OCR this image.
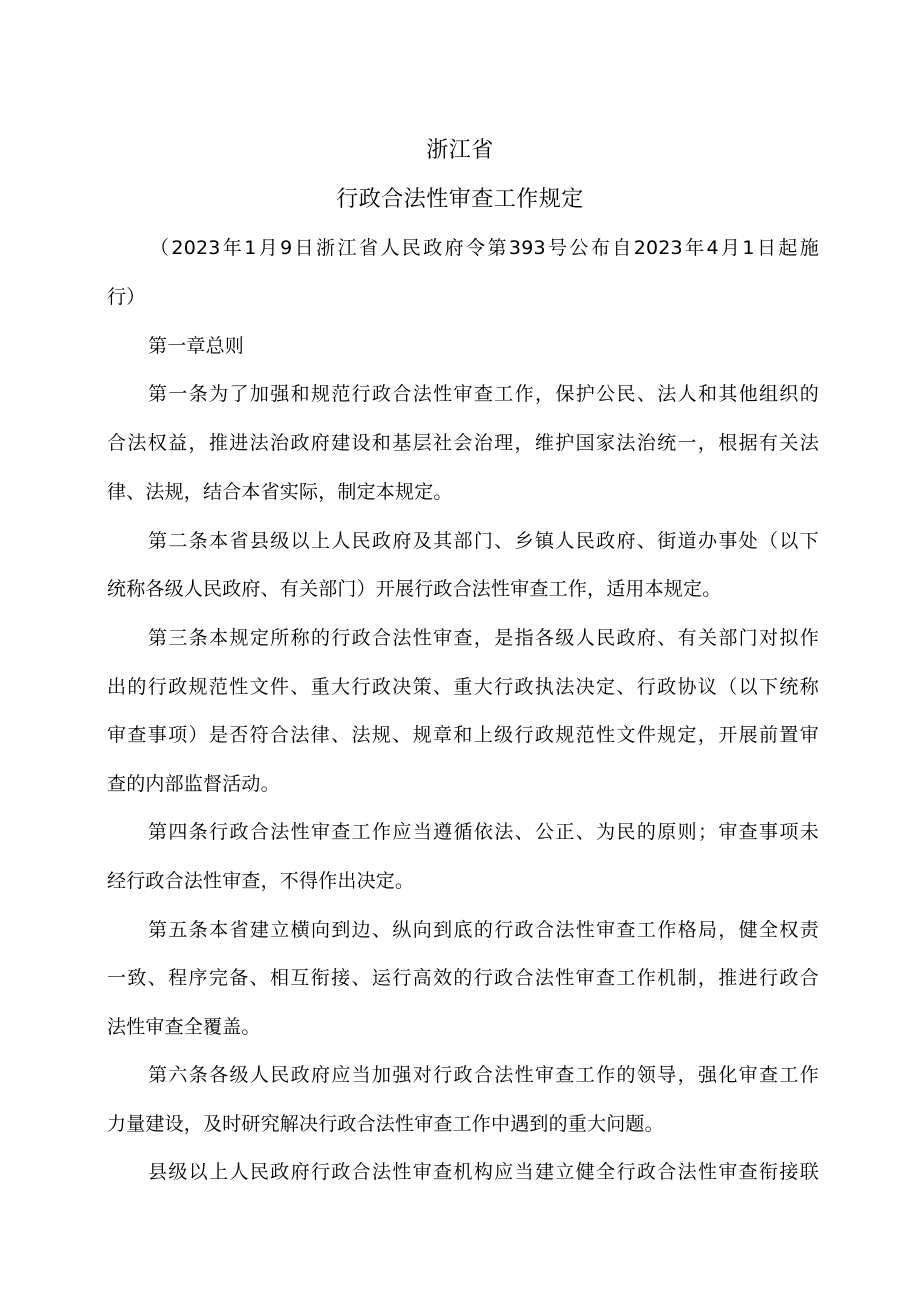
浙江省
行政合法性审查工作规定
（2023年1月9日浙江省人民政府令第393号公布自2023年4月1日起施
行）
第一章总则
第一条为了加强和规范行政合法性审查工作，保护公民、法人和其他组织的
合法权益，推进法治政府建设和基层社会治理，维护国家法治统一，根据有关法
律、法规，结合本省实际，制定本规定。
第二条本省县级以上人民政府及其部门、乡镇人民政府、街道办事处（以下
统称各级人民政府、有关部门）开展行政合法性审查工作，适用本规定。
第三条本规定所称的行政合法性审查，是指各级人民政府、有关部门对拟作
出的行政规范性文件、重大行政决策、重大行政执法决定、行政协议（以下统称
审查事项）是否符合法律、法规、规章和上级行政规范性文件规定，开展前置审
查的内部监督活动。
第四条行政合法性审查工作应当遵循依法、公正、为民的原则；审查事项未
经行政合法性审查，不得作出决定。
第五条本省建立横向到边、纵向到底的行政合法性审查工作格局，健全权责
一致、程序完备、相互衔接、运行高效的行政合法性审查工作机制，推进行政合
法性审查全覆盖。
第六条各级人民政府应当加强对行政合法性审查工作的领导，强化审查工作
力量建设，及时研究解决行政合法性审查工作中遇到的重大问题。
县级以上人民政府行政合法性审查机构应当建立健全行政合法性审查衔接联
